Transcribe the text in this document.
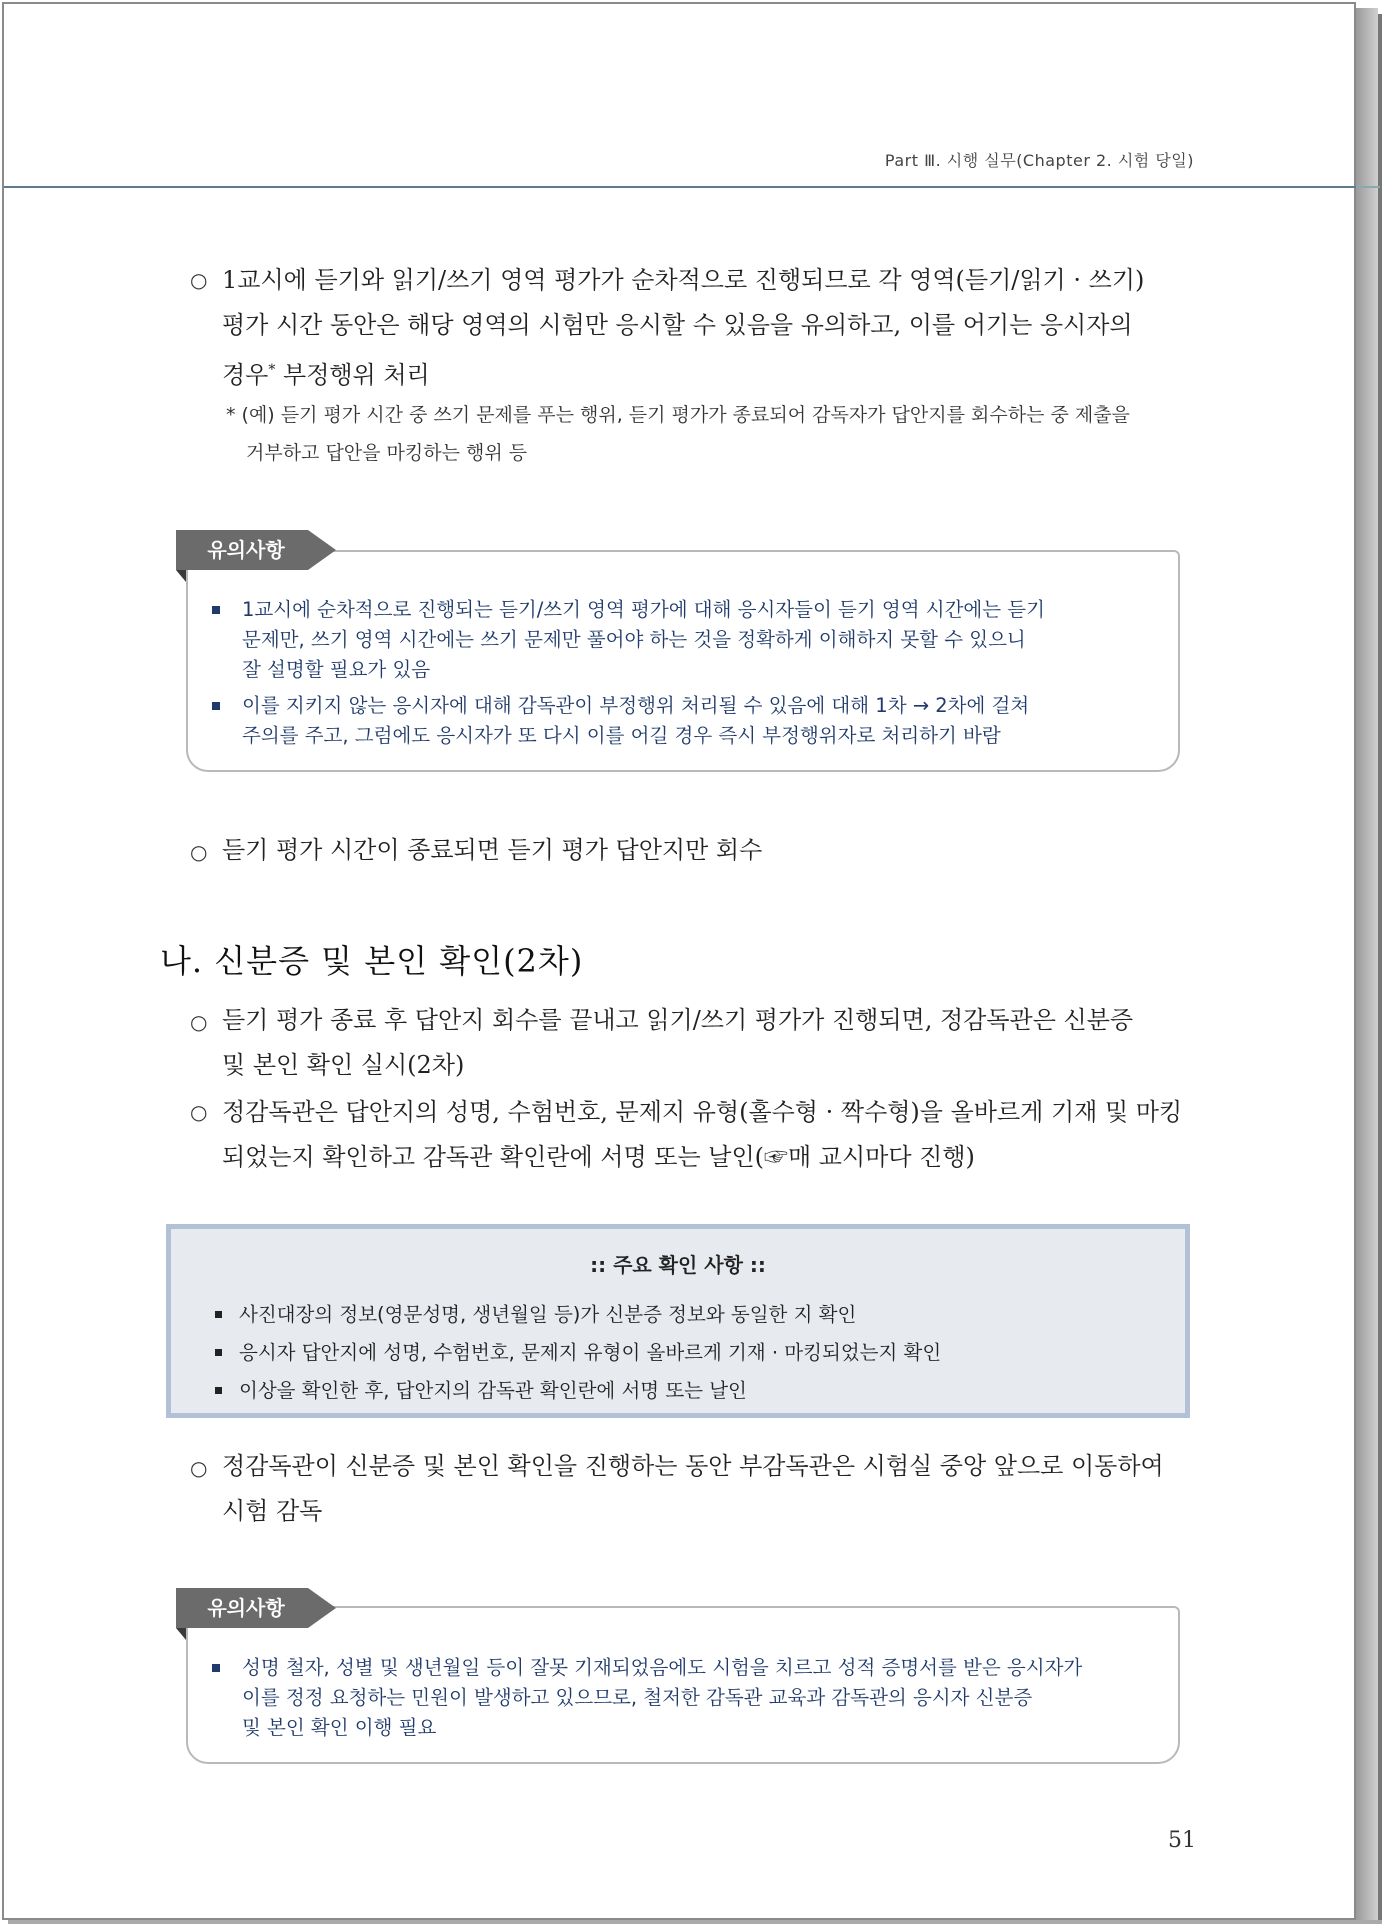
Part Ⅲ. 시행 실무(Chapter 2. 시험 당일)
○ 1교시에 듣기와 읽기/쓰기 영역 평가가 순차적으로 진행되므로 각 영역(듣기/읽기 · 쓰기)
평가 시간 동안은 해당 영역의 시험만 응시할 수 있음을 유의하고, 이를 어기는 응시자의
경우* 부정행위 처리
* (예) 듣기 평가 시간 중 쓰기 문제를 푸는 행위, 듣기 평가가 종료되어 감독자가 답안지를 회수하는 중 제출을
거부하고 답안을 마킹하는 행위 등
유의사항
1교시에 순차적으로 진행되는 듣기/쓰기 영역 평가에 대해 응시자들이 듣기 영역 시간에는 듣기
문제만, 쓰기 영역 시간에는 쓰기 문제만 풀어야 하는 것을 정확하게 이해하지 못할 수 있으니
잘 설명할 필요가 있음
이를 지키지 않는 응시자에 대해 감독관이 부정행위 처리될 수 있음에 대해 1차 → 2차에 걸쳐
주의를 주고, 그럼에도 응시자가 또 다시 이를 어길 경우 즉시 부정행위자로 처리하기 바람
○ 듣기 평가 시간이 종료되면 듣기 평가 답안지만 회수
나. 신분증 및 본인 확인(2차)
○ 듣기 평가 종료 후 답안지 회수를 끝내고 읽기/쓰기 평가가 진행되면, 정감독관은 신분증
및 본인 확인 실시(2차)
○ 정감독관은 답안지의 성명, 수험번호, 문제지 유형(홀수형 · 짝수형)을 올바르게 기재 및 마킹
되었는지 확인하고 감독관 확인란에 서명 또는 날인(☞매 교시마다 진행)
:: 주요 확인 사항 ::
사진대장의 정보(영문성명, 생년월일 등)가 신분증 정보와 동일한 지 확인
응시자 답안지에 성명, 수험번호, 문제지 유형이 올바르게 기재 · 마킹되었는지 확인
이상을 확인한 후, 답안지의 감독관 확인란에 서명 또는 날인
○ 정감독관이 신분증 및 본인 확인을 진행하는 동안 부감독관은 시험실 중앙 앞으로 이동하여
시험 감독
유의사항
성명 철자, 성별 및 생년월일 등이 잘못 기재되었음에도 시험을 치르고 성적 증명서를 받은 응시자가
이를 정정 요청하는 민원이 발생하고 있으므로, 철저한 감독관 교육과 감독관의 응시자 신분증
및 본인 확인 이행 필요
51
